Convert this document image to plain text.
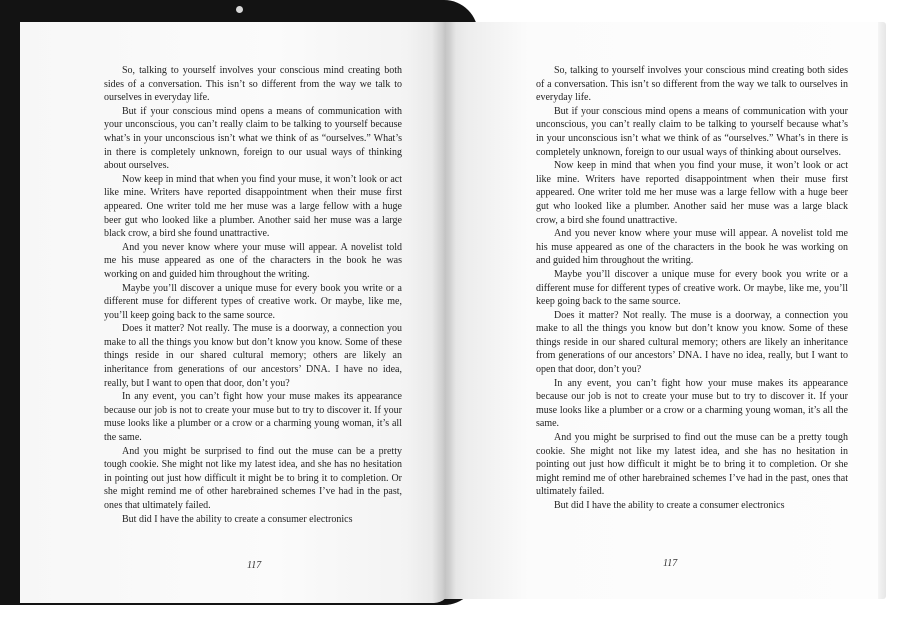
So, talking to yourself involves your conscious mind creating both sides of a conversation. This isn’t so different from the way we talk to ourselves in everyday life.

But if your conscious mind opens a means of communication with your unconscious, you can’t really claim to be talking to yourself because what’s in your unconscious isn’t what we think of as “ourselves.” What’s in there is completely unknown, foreign to our usual ways of thinking about ourselves.

Now keep in mind that when you find your muse, it won’t look or act like mine. Writers have reported disappointment when their muse first appeared. One writer told me her muse was a large fellow with a huge beer gut who looked like a plumber. Another said her muse was a large black crow, a bird she found unattractive.

And you never know where your muse will appear. A novelist told me his muse appeared as one of the characters in the book he was working on and guided him throughout the writing.

Maybe you’ll discover a unique muse for every book you write or a different muse for different types of creative work. Or maybe, like me, you’ll keep going back to the same source.

Does it matter? Not really. The muse is a doorway, a connection you make to all the things you know but don’t know you know. Some of these things reside in our shared cultural memory; others are likely an inheritance from generations of our ancestors’ DNA. I have no idea, really, but I want to open that door, don’t you?

In any event, you can’t fight how your muse makes its appearance because our job is not to create your muse but to try to discover it. If your muse looks like a plumber or a crow or a charming young woman, it’s all the same.

And you might be surprised to find out the muse can be a pretty tough cookie. She might not like my latest idea, and she has no hesitation in pointing out just how difficult it might be to bring it to completion. Or she might remind me of other harebrained schemes I’ve had in the past, ones that ultimately failed.

But did I have the ability to create a consumer electronics

117

So, talking to yourself involves your conscious mind creating both sides of a conversation. This isn’t so different from the way we talk to ourselves in everyday life.

But if your conscious mind opens a means of communication with your unconscious, you can’t really claim to be talking to yourself because what’s in your unconscious isn’t what we think of as “ourselves.” What’s in there is completely unknown, foreign to our usual ways of thinking about ourselves.

Now keep in mind that when you find your muse, it won’t look or act like mine. Writers have reported disappointment when their muse first appeared. One writer told me her muse was a large fellow with a huge beer gut who looked like a plumber. Another said her muse was a large black crow, a bird she found unattractive.

And you never know where your muse will appear. A novelist told me his muse appeared as one of the characters in the book he was working on and guided him throughout the writing.

Maybe you’ll discover a unique muse for every book you write or a different muse for different types of creative work. Or maybe, like me, you’ll keep going back to the same source.

Does it matter? Not really. The muse is a doorway, a connection you make to all the things you know but don’t know you know. Some of these things reside in our shared cultural memory; others are likely an inheritance from generations of our ancestors’ DNA. I have no idea, really, but I want to open that door, don’t you?

In any event, you can’t fight how your muse makes its appearance because our job is not to create your muse but to try to discover it. If your muse looks like a plumber or a crow or a charming young woman, it’s all the same.

And you might be surprised to find out the muse can be a pretty tough cookie. She might not like my latest idea, and she has no hesitation in pointing out just how difficult it might be to bring it to completion. Or she might remind me of other harebrained schemes I’ve had in the past, ones that ultimately failed.

But did I have the ability to create a consumer electronics

117
